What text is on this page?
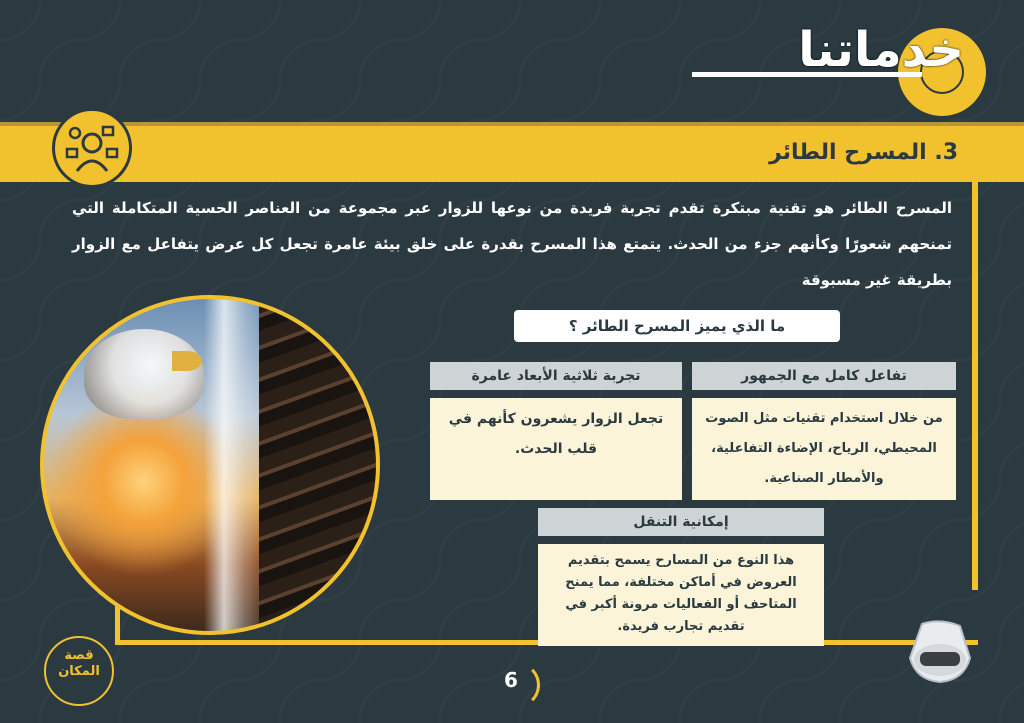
خدماتنا
3. المسرح الطائر
المسرح الطائر هو تقنية مبتكرة تقدم تجربة فريدة من نوعها للزوار عبر مجموعة من العناصر الحسية المتكاملة التي تمنحهم شعورًا وكأنهم جزء من الحدث. يتمتع هذا المسرح بقدرة على خلق بيئة عامرة تجعل كل عرض يتفاعل مع الزوار بطريقة غير مسبوقة
ما الذي يميز المسرح الطائر ؟
تفاعل كامل مع الجمهور
من خلال استخدام تقنيات مثل الصوت المحيطي، الرياح، الإضاءة التفاعلية، والأمطار الصناعية.
تجربة ثلاثية الأبعاد عامرة
تجعل الزوار يشعرون كأنهم في قلب الحدث.
إمكانية التنقل
هذا النوع من المسارح يسمح بتقديم العروض في أماكن مختلفة، مما يمنح المتاحف أو الفعاليات مرونة أكبر في تقديم تجارب فريدة.
قصة المكان	6
